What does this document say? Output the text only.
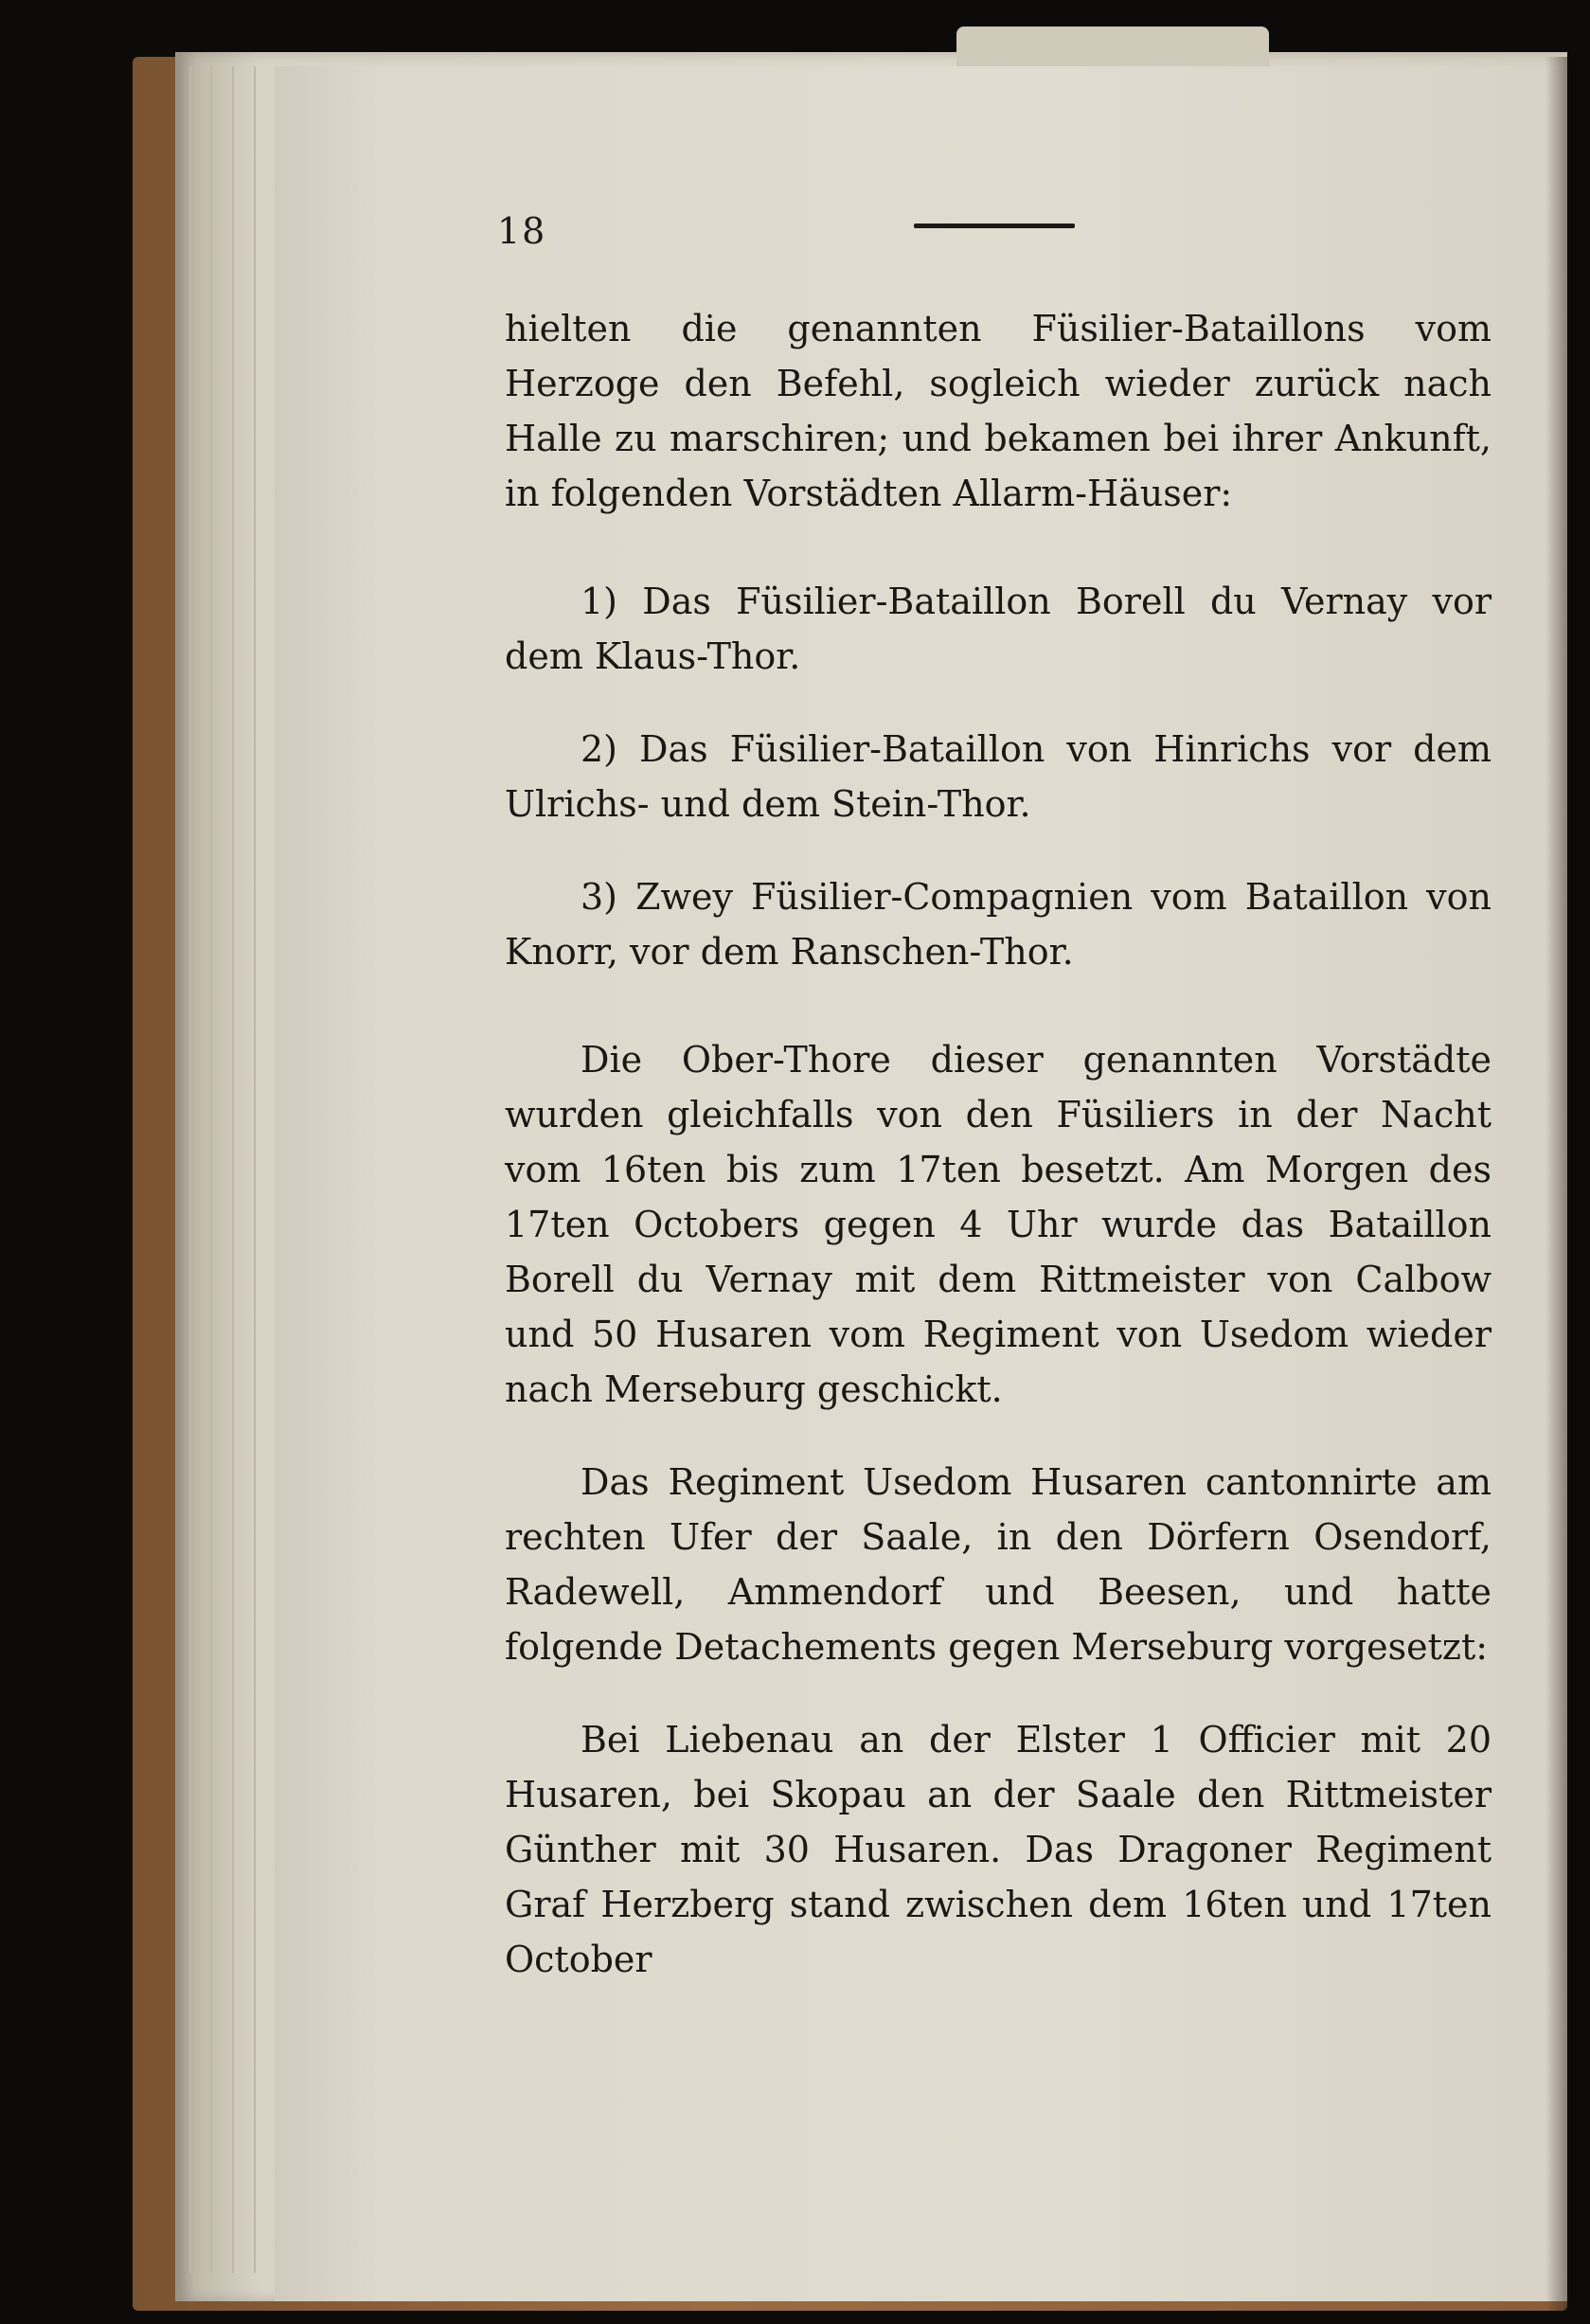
18

hielten die genannten Füsilier-Bataillons vom Herzoge den Befehl, sogleich wieder zurück nach Halle zu marschiren; und bekamen bei ihrer Ankunft, in folgenden Vorstädten Allarm-Häuser:

1) Das Füsilier-Bataillon Borell du Vernay vor dem Klaus-Thor.

2) Das Füsilier-Bataillon von Hinrichs vor dem Ulrichs- und dem Stein-Thor.

3) Zwey Füsilier-Compagnien vom Bataillon von Knorr, vor dem Ranschen-Thor.

Die Ober-Thore dieser genannten Vorstädte wurden gleichfalls von den Füsiliers in der Nacht vom 16ten bis zum 17ten besetzt. Am Morgen des 17ten Octobers gegen 4 Uhr wurde das Bataillon Borell du Vernay mit dem Rittmeister von Calbow und 50 Husaren vom Regiment von Usedom wieder nach Merseburg geschickt.

Das Regiment Usedom Husaren cantonnirte am rechten Ufer der Saale, in den Dörfern Osendorf, Radewell, Ammendorf und Beesen, und hatte folgende Detachements gegen Merseburg vorgesetzt:

Bei Liebenau an der Elster 1 Officier mit 20 Husaren, bei Skopau an der Saale den Rittmeister Günther mit 30 Husaren. Das Dragoner Regiment Graf Herzberg stand zwischen dem 16ten und 17ten October
